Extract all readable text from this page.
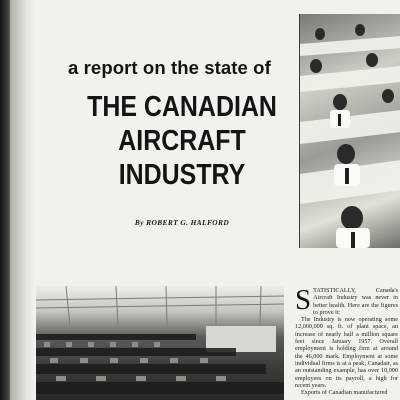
a report on the state of
THE CANADIAN
AIRCRAFT
INDUSTRY
By ROBERT G. HALFORD

STATISTICALLY, Canada's Aircraft Industry was never in better health. Here are the figures to prove it:

The Industry is now operating some 12,000,000 sq. ft. of plant space, an increase of nearly half a million square feet since January 1957. Overall employment is holding firm at around the 46,000 mark. Employment at some individual firms is at a peak; Canadair, as an outstanding example, has over 10,000 employees on its payroll, a high for recent years.

Exports of Canadian manufactured
